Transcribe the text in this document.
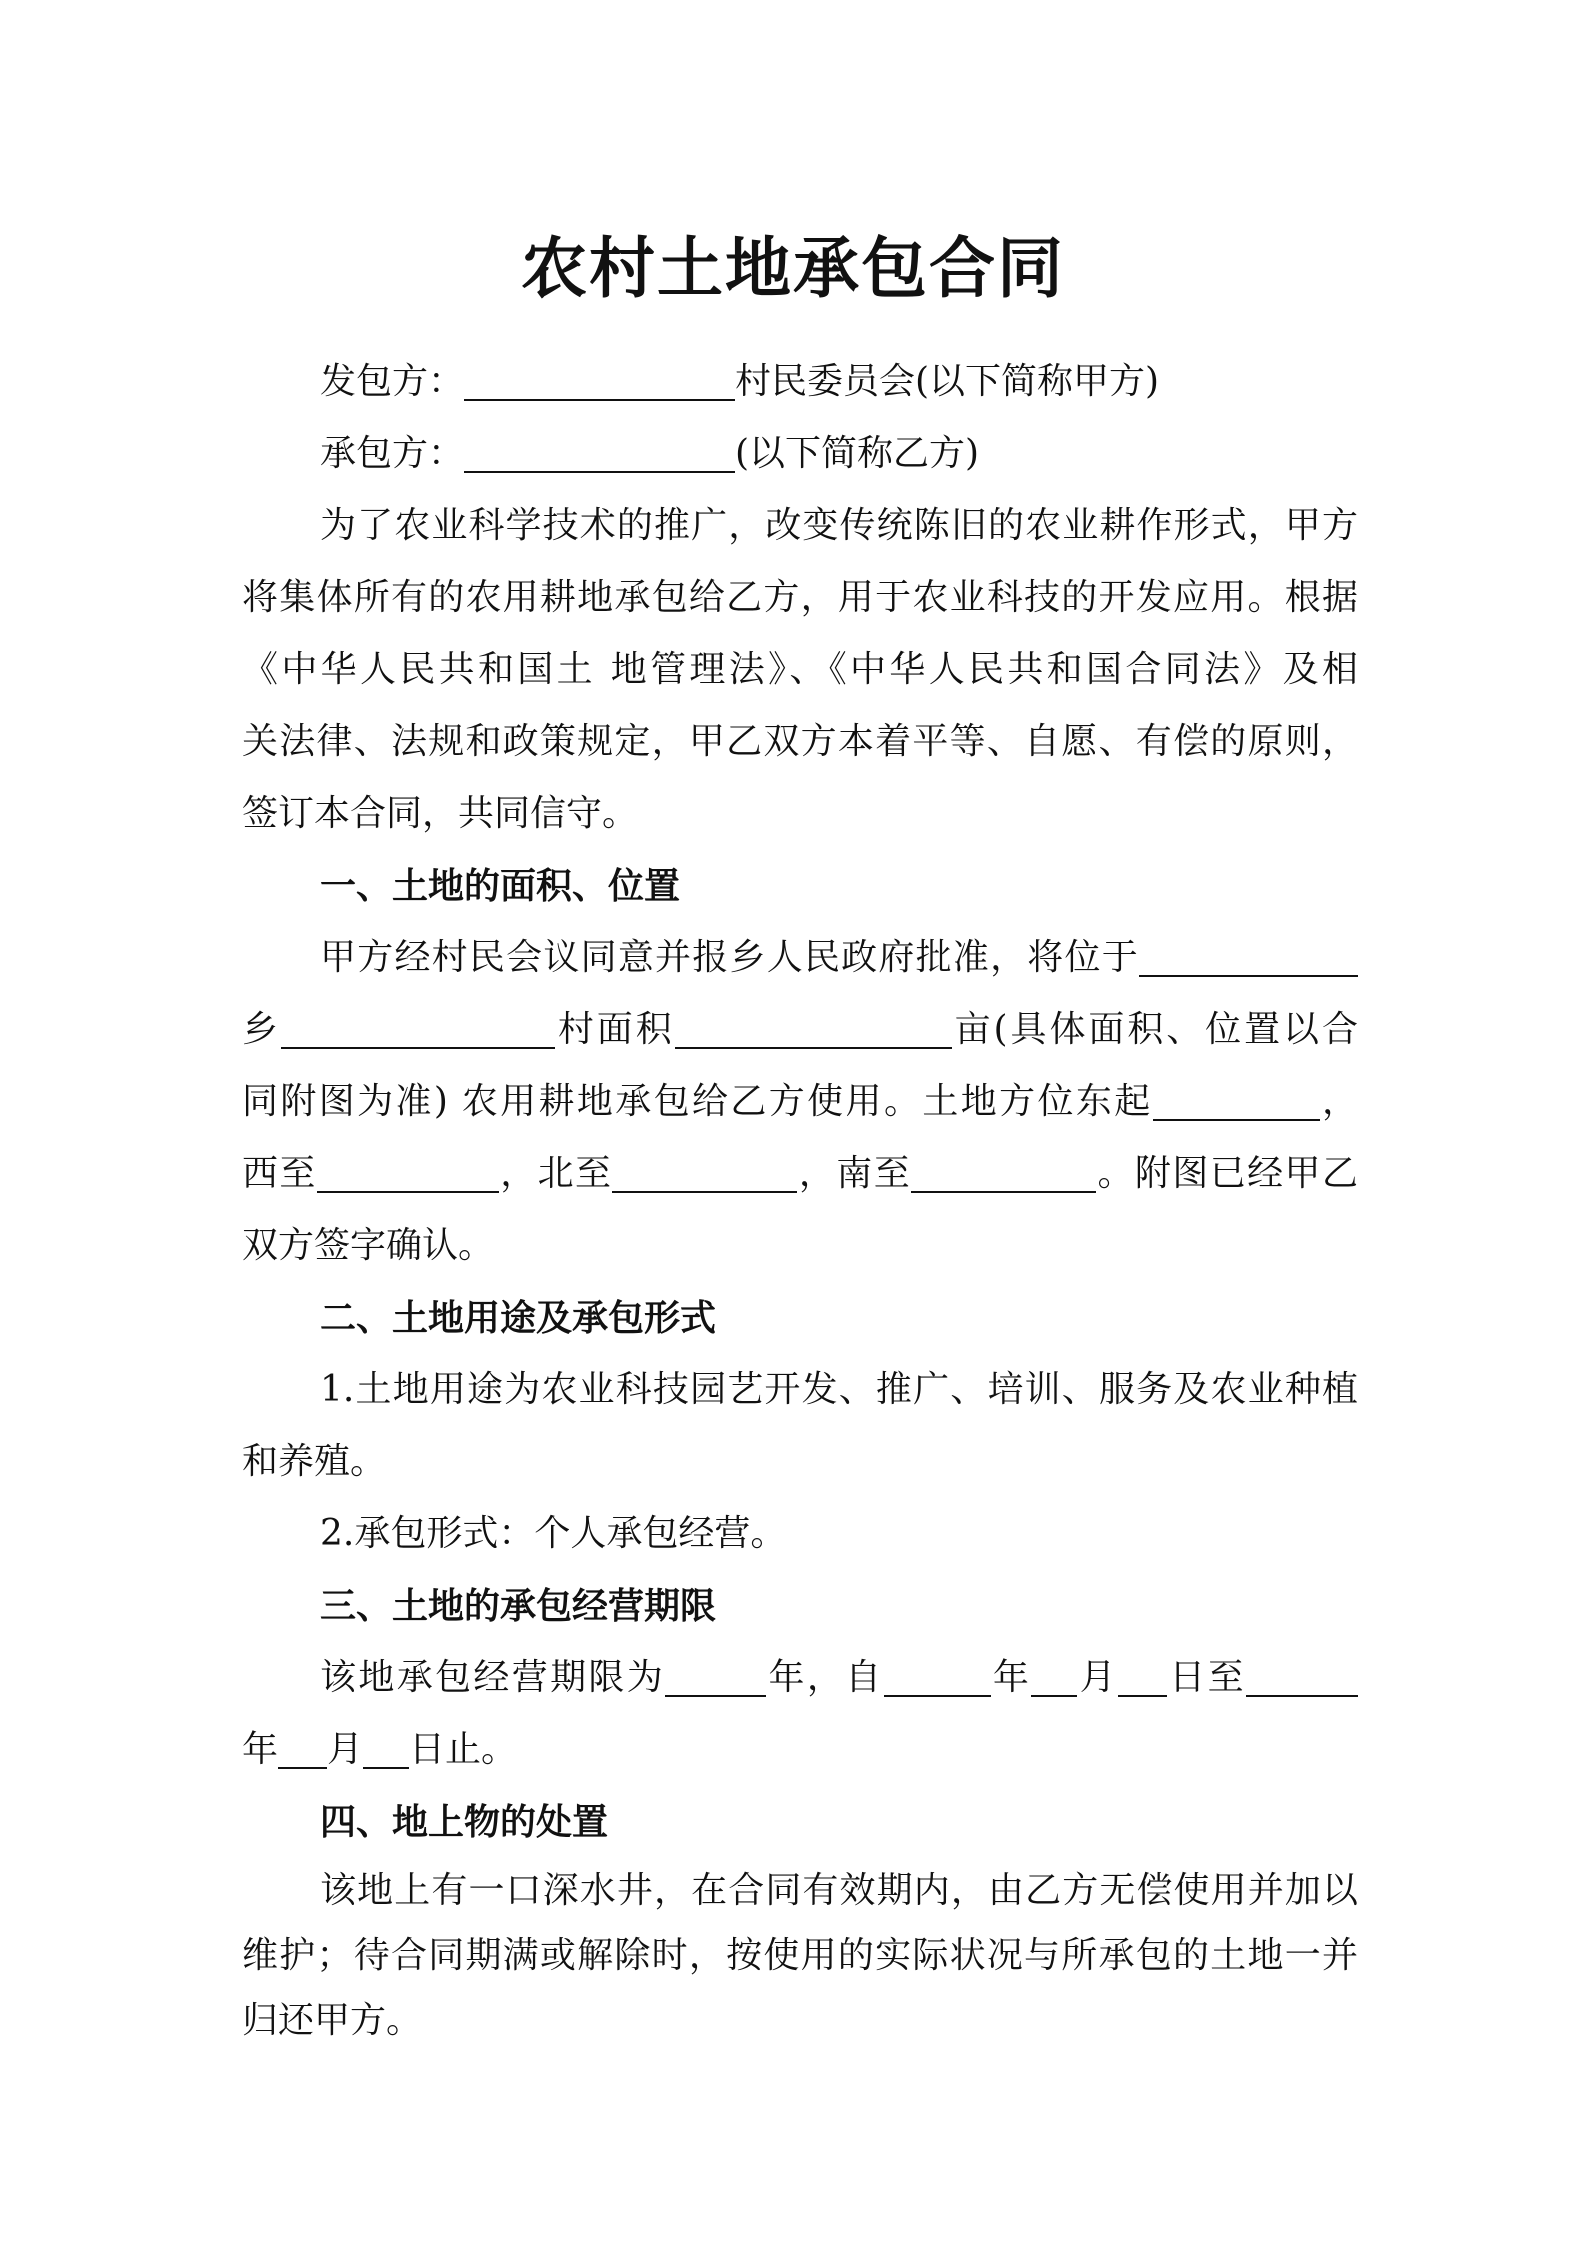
农村土地承包合同
发包方：	村民委员会(以下简称甲方)
承包方：	(以下简称乙方)
为了农业科学技术的推广，改变传统陈旧的农业耕作形式，甲方
将集体所有的农用耕地承包给乙方，用于农业科技的开发应用。根据
《中华人民共和国土 地管理法》、《中华人民共和国合同法》及相
关法律、法规和政策规定，甲乙双方本着平等、自愿、有偿的原则，
签订本合同，共同信守。
一、土地的面积、位置
甲方经村民会议同意并报乡人民政府批准，将位于
乡	村面积	亩(具体面积、位置以合
同附图为准) 农用耕地承包给乙方使用。土地方位东起	，
西至	，北至	，南至	。附图已经甲乙
双方签字确认。
二、土地用途及承包形式
1.土地用途为农业科技园艺开发、推广、培训、服务及农业种植
和养殖。
2.承包形式：个人承包经营。
三、土地的承包经营期限
该地承包经营期限为	年，自	年 月 日至
年 月 日止。
四、地上物的处置
该地上有一口深水井，在合同有效期内，由乙方无偿使用并加以
维护；待合同期满或解除时，按使用的实际状况与所承包的土地一并
归还甲方。
